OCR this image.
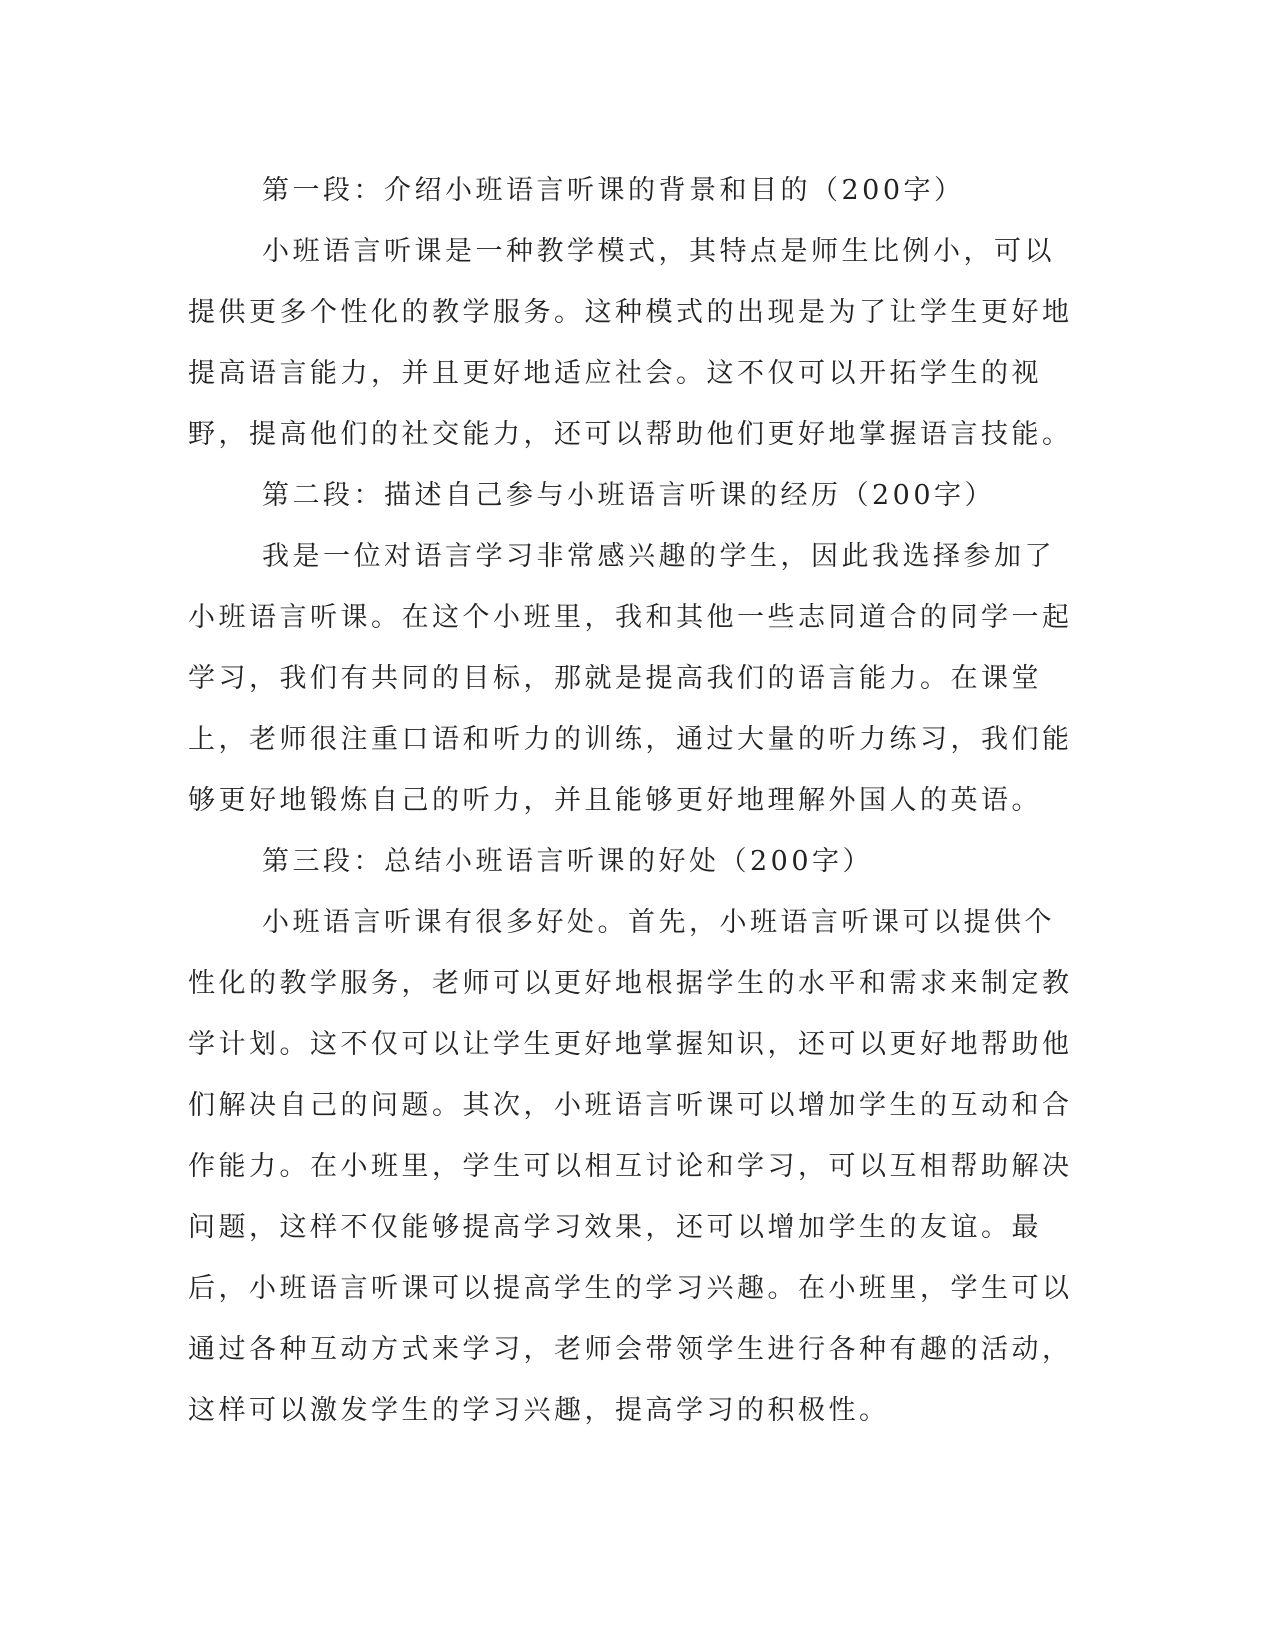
第一段：介绍小班语言听课的背景和目的（200字）

小班语言听课是一种教学模式，其特点是师生比例小，可以提供更多个性化的教学服务。这种模式的出现是为了让学生更好地提高语言能力，并且更好地适应社会。这不仅可以开拓学生的视野，提高他们的社交能力，还可以帮助他们更好地掌握语言技能。

第二段：描述自己参与小班语言听课的经历（200字）

我是一位对语言学习非常感兴趣的学生，因此我选择参加了小班语言听课。在这个小班里，我和其他一些志同道合的同学一起学习，我们有共同的目标，那就是提高我们的语言能力。在课堂上，老师很注重口语和听力的训练，通过大量的听力练习，我们能够更好地锻炼自己的听力，并且能够更好地理解外国人的英语。

第三段：总结小班语言听课的好处（200字）

小班语言听课有很多好处。首先，小班语言听课可以提供个性化的教学服务，老师可以更好地根据学生的水平和需求来制定教学计划。这不仅可以让学生更好地掌握知识，还可以更好地帮助他们解决自己的问题。其次，小班语言听课可以增加学生的互动和合作能力。在小班里，学生可以相互讨论和学习，可以互相帮助解决问题，这样不仅能够提高学习效果，还可以增加学生的友谊。最后，小班语言听课可以提高学生的学习兴趣。在小班里，学生可以通过各种互动方式来学习，老师会带领学生进行各种有趣的活动，这样可以激发学生的学习兴趣，提高学习的积极性。
